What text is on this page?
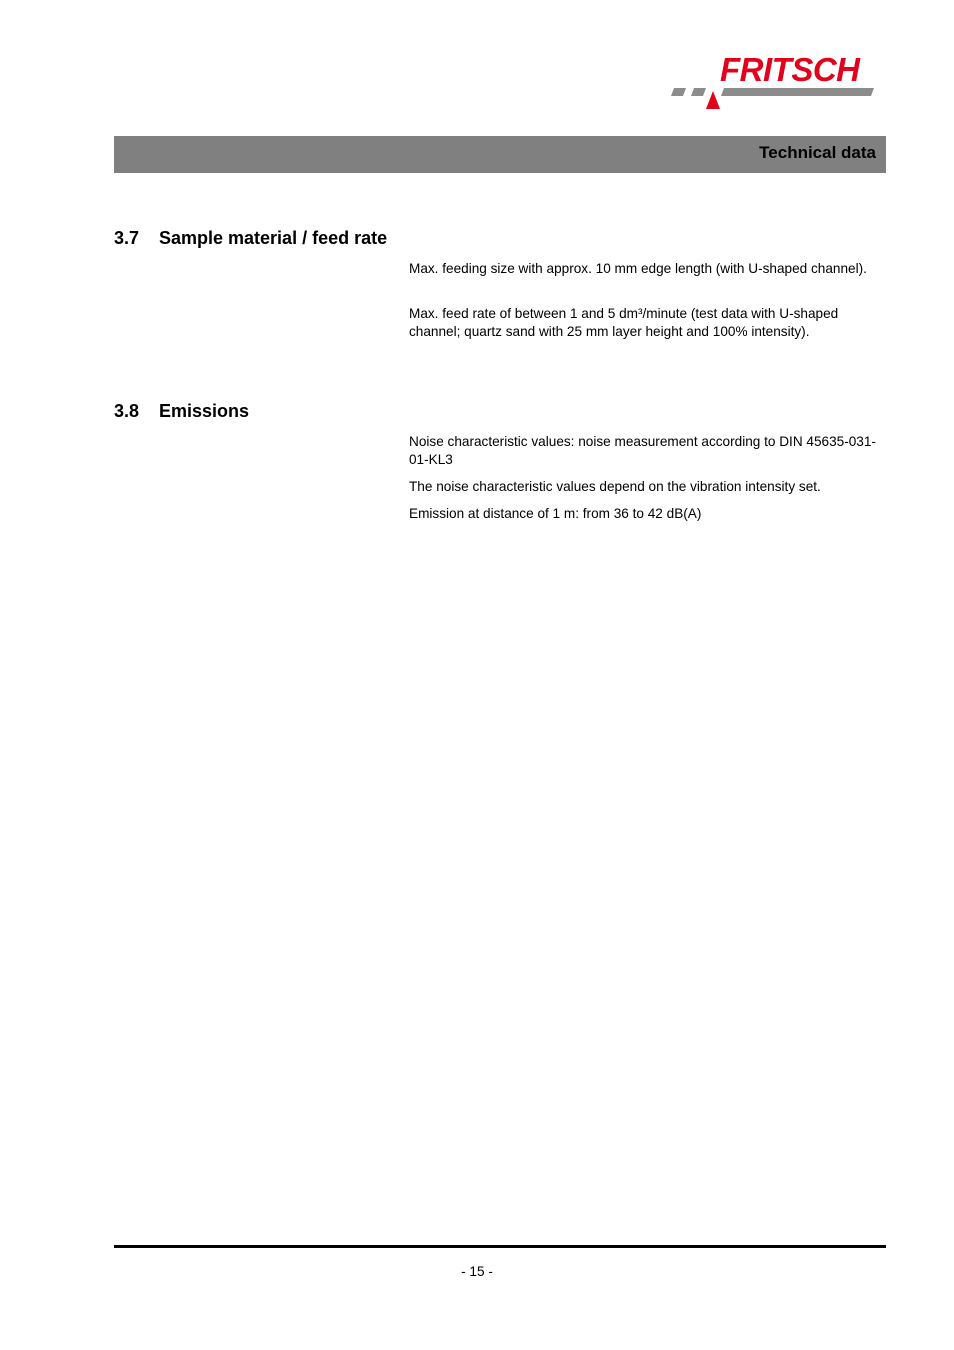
FRITSCH
Technical data
3.7 Sample material / feed rate

Max. feeding size with approx. 10 mm edge length (with U-shaped channel).

Max. feed rate of between 1 and 5 dm³/minute (test data with U-shaped channel; quartz sand with 25 mm layer height and 100% intensity).

3.8 Emissions

Noise characteristic values: noise measurement according to DIN 45635-031-01-KL3

The noise characteristic values depend on the vibration intensity set.

Emission at distance of 1 m: from 36 to 42 dB(A)

- 15 -
